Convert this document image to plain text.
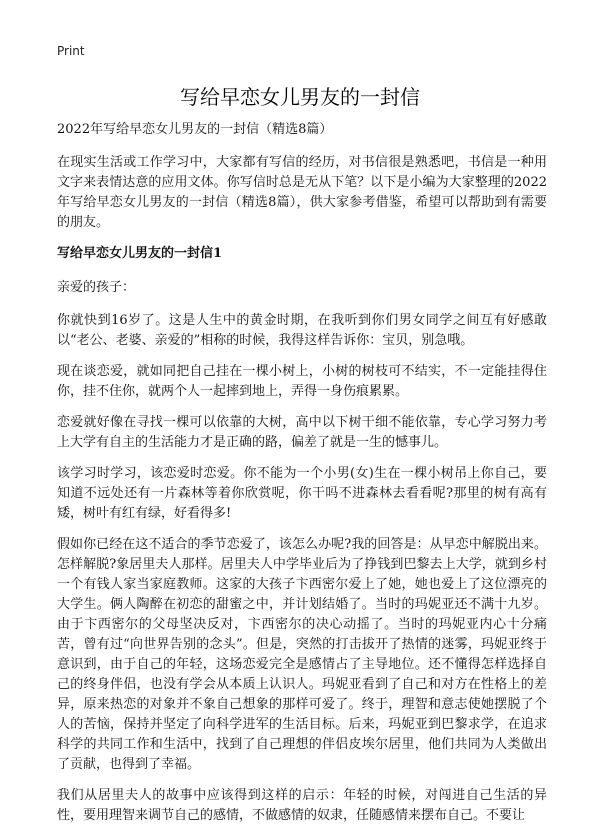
Print
写给早恋女儿男友的一封信

2022年写给早恋女儿男友的一封信（精选8篇）

在现实生活或工作学习中，大家都有写信的经历，对书信很是熟悉吧，书信是一种用文字来表情达意的应用文体。你写信时总是无从下笔？以下是小编为大家整理的2022年写给早恋女儿男友的一封信（精选8篇），供大家参考借鉴，希望可以帮助到有需要的朋友。

写给早恋女儿男友的一封信1

亲爱的孩子：

你就快到16岁了。这是人生中的黄金时期，在我听到你们男女同学之间互有好感敢以“老公、老婆、亲爱的”相称的时候，我得这样告诉你：宝贝，别急哦。

现在谈恋爱，就如同把自己挂在一棵小树上，小树的树枝可不结实，不一定能挂得住你，挂不住你，就两个人一起摔到地上，弄得一身伤痕累累。

恋爱就好像在寻找一棵可以依靠的大树，高中以下树干细不能依靠，专心学习努力考上大学有自主的生活能力才是正确的路，偏差了就是一生的憾事儿。

该学习时学习，该恋爱时恋爱。你不能为一个小男(女)生在一棵小树吊上你自己，要知道不远处还有一片森林等着你欣赏呢，你干吗不进森林去看看呢?那里的树有高有矮，树叶有红有绿，好看得多!

假如你已经在这不适合的季节恋爱了，该怎么办呢?我的回答是：从早恋中解脱出来。怎样解脱?象居里夫人那样。居里夫人中学毕业后为了挣钱到巴黎去上大学，就到乡村一个有钱人家当家庭教师。这家的大孩子卞西密尔爱上了她，她也爱上了这位漂亮的大学生。俩人陶醉在初恋的甜蜜之中，并计划结婚了。当时的玛妮亚还不满十九岁。由于卞西密尔的父母坚决反对，卞西密尔的决心动摇了。当时的玛妮亚内心十分痛苦，曾有过“向世界告别的念头”。但是，突然的打击拔开了热情的迷雾，玛妮亚终于意识到，由于自己的年轻，这场恋爱完全是感情占了主导地位。还不懂得怎样选择自己的终身伴侣，也没有学会从本质上认识人。玛妮亚看到了自己和对方在性格上的差异，原来热恋的对象并不象自己想象的那样可爱了。终于，理智和意志使她摆脱了个人的苦恼，保持并坚定了向科学进军的生活目标。后来，玛妮亚到巴黎求学，在追求科学的共同工作和生活中，找到了自己理想的伴侣皮埃尔居里，他们共同为人类做出了贡献，也得到了幸福。

我们从居里夫人的故事中应该得到这样的启示：年轻的时候，对闯进自己生活的异性，要用理智来调节自己的感情，不做感情的奴隶，任随感情来摆布自己。不要让
